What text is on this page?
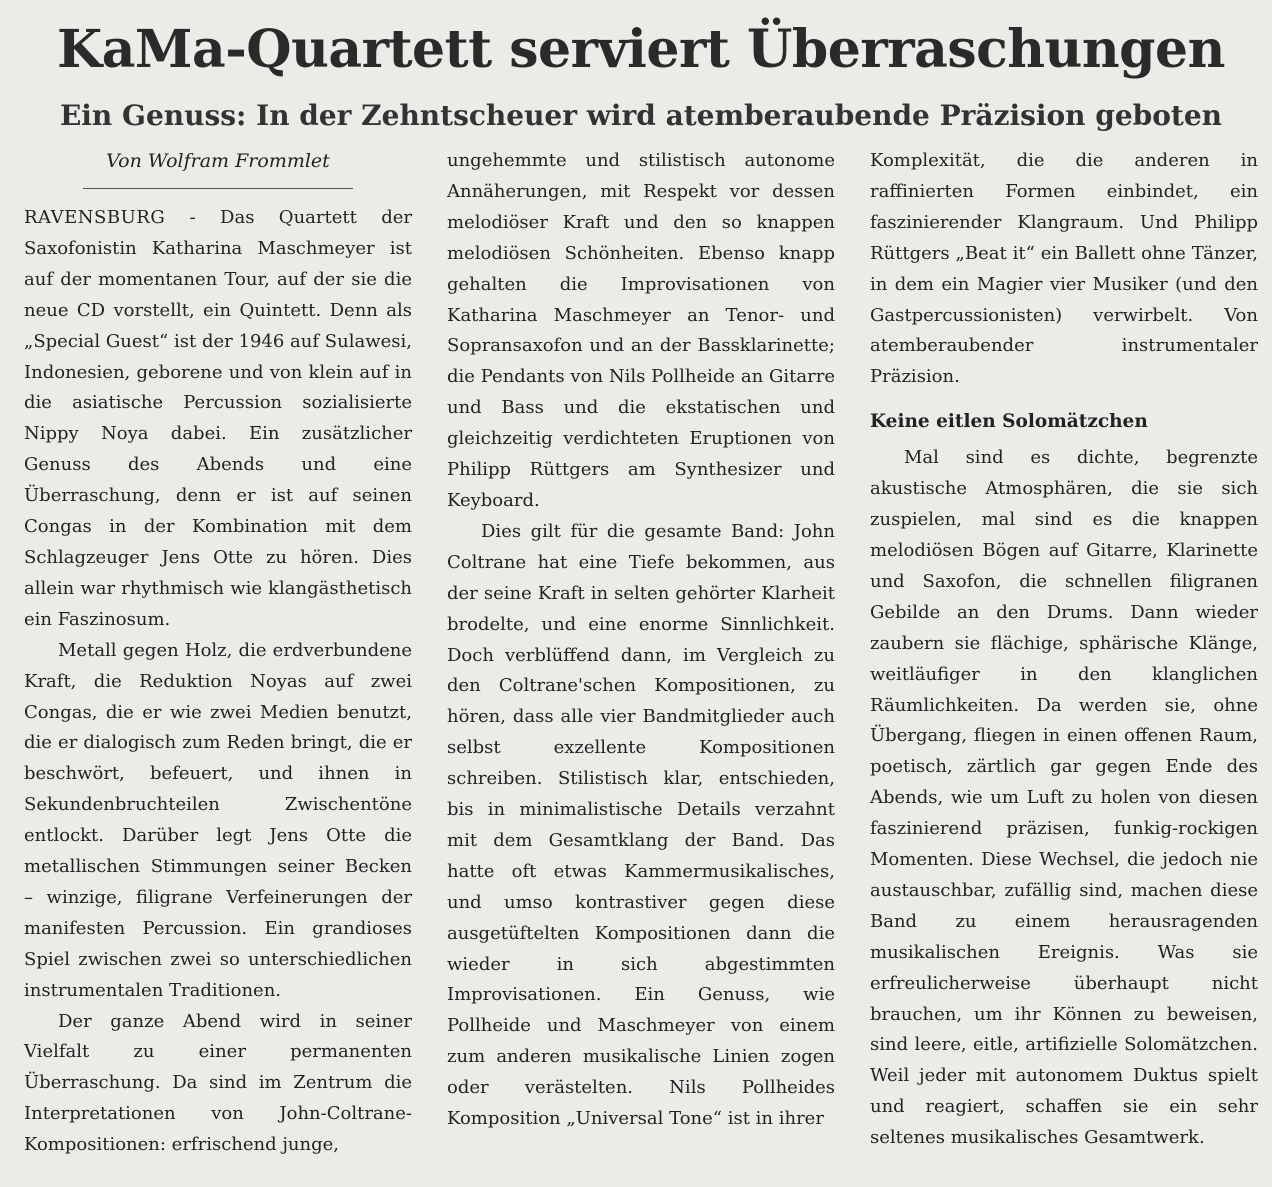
KaMa-Quartett serviert Überraschungen
Ein Genuss: In der Zehntscheuer wird atemberaubende Präzision geboten
Von Wolfram Frommlet

RAVENSBURG - Das Quartett der Saxofonistin Katharina Maschmeyer ist auf der momentanen Tour, auf der sie die neue CD vorstellt, ein Quintett. Denn als „Special Guest“ ist der 1946 auf Sulawesi, Indonesien, geborene und von klein auf in die asiatische Percussion sozialisierte Nippy Noya dabei. Ein zusätzlicher Genuss des Abends und eine Überraschung, denn er ist auf seinen Congas in der Kombination mit dem Schlagzeuger Jens Otte zu hören. Dies allein war rhythmisch wie klangästhetisch ein Faszinosum.

Metall gegen Holz, die erdverbundene Kraft, die Reduktion Noyas auf zwei Congas, die er wie zwei Medien benutzt, die er dialogisch zum Reden bringt, die er beschwört, befeuert, und ihnen in Sekundenbruchteilen Zwischentöne entlockt. Darüber legt Jens Otte die metallischen Stimmungen seiner Becken – winzige, filigrane Verfeinerungen der manifesten Percussion. Ein grandioses Spiel zwischen zwei so unterschiedlichen instrumentalen Traditionen.

Der ganze Abend wird in seiner Vielfalt zu einer permanenten Überraschung. Da sind im Zentrum die Interpretationen von John-Coltrane-Kompositionen: erfrischend junge,

ungehemmte und stilistisch autonome Annäherungen, mit Respekt vor dessen melodiöser Kraft und den so knappen melodiösen Schönheiten. Ebenso knapp gehalten die Improvisationen von Katharina Maschmeyer an Tenor- und Sopransaxofon und an der Bassklarinette; die Pendants von Nils Pollheide an Gitarre und Bass und die ekstatischen und gleichzeitig verdichteten Eruptionen von Philipp Rüttgers am Synthesizer und Keyboard.

Dies gilt für die gesamte Band: John Coltrane hat eine Tiefe bekommen, aus der seine Kraft in selten gehörter Klarheit brodelte, und eine enorme Sinnlichkeit. Doch verblüffend dann, im Vergleich zu den Coltrane'schen Kompositionen, zu hören, dass alle vier Bandmitglieder auch selbst exzellente Kompositionen schreiben. Stilistisch klar, entschieden, bis in minimalistische Details verzahnt mit dem Gesamtklang der Band. Das hatte oft etwas Kammermusikalisches, und umso kontrastiver gegen diese ausgetüftelten Kompositionen dann die wieder in sich abgestimmten Improvisationen. Ein Genuss, wie Pollheide und Maschmeyer von einem zum anderen musikalische Linien zogen oder verästelten. Nils Pollheides Komposition „Universal Tone“ ist in ihrer

Komplexität, die die anderen in raffinierten Formen einbindet, ein faszinierender Klangraum. Und Philipp Rüttgers „Beat it“ ein Ballett ohne Tänzer, in dem ein Magier vier Musiker (und den Gastpercussionisten) verwirbelt. Von atemberaubender instrumentaler Präzision.

Keine eitlen Solomätzchen

Mal sind es dichte, begrenzte akustische Atmosphären, die sie sich zuspielen, mal sind es die knappen melodiösen Bögen auf Gitarre, Klarinette und Saxofon, die schnellen filigranen Gebilde an den Drums. Dann wieder zaubern sie flächige, sphärische Klänge, weitläufiger in den klanglichen Räumlichkeiten. Da werden sie, ohne Übergang, fliegen in einen offenen Raum, poetisch, zärtlich gar gegen Ende des Abends, wie um Luft zu holen von diesen faszinierend präzisen, funkig-rockigen Momenten. Diese Wechsel, die jedoch nie austauschbar, zufällig sind, machen diese Band zu einem herausragenden musikalischen Ereignis. Was sie erfreulicherweise überhaupt nicht brauchen, um ihr Können zu beweisen, sind leere, eitle, artifizielle Solomätzchen. Weil jeder mit autonomem Duktus spielt und reagiert, schaffen sie ein sehr seltenes musikalisches Gesamtwerk.
